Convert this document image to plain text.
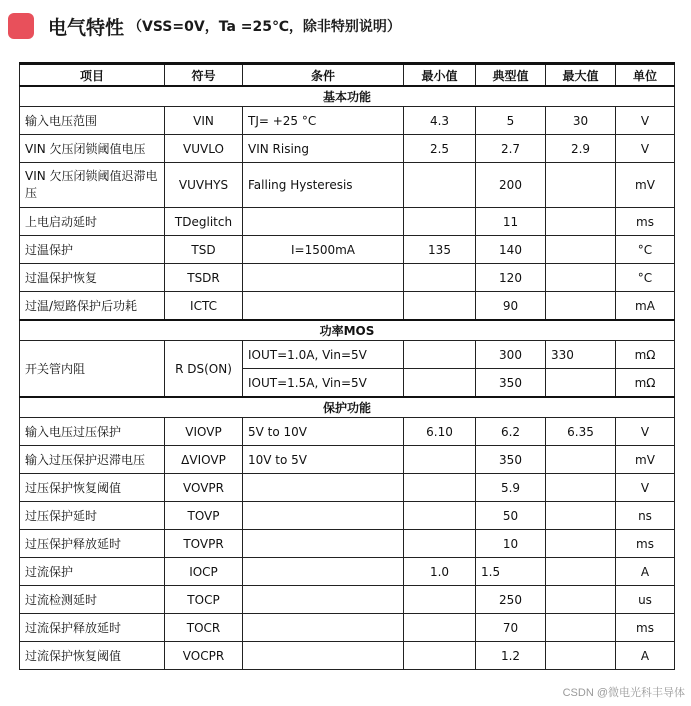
电气特性 （VSS=0V，Ta =25℃，除非特别说明）
项目	符号	条件	最小值	典型值	最大值	单位
基本功能						
输入电压范围	VIN	TJ= +25 °C	4.3	5	30	V
VIN 欠压闭锁阈值电压	VUVLO	VIN Rising	2.5	2.7	2.9	V
VIN 欠压闭锁阈值迟滞电压	VUVHYS	Falling Hysteresis		200		mV
上电启动延时	TDeglitch			11		ms
过温保护	TSD	I=1500mA	135	140		°C
过温保护恢复	TSDR			120		°C
过温/短路保护后功耗	ICTC			90		mA
功率MOS						
开关管内阻	R DS(ON)	IOUT=1.0A, Vin=5V		300	330	mΩ
		IOUT=1.5A, Vin=5V		350		mΩ
保护功能						
输入电压过压保护	VIOVP	5V to 10V	6.10	6.2	6.35	V
输入过压保护迟滞电压	ΔVIOVP	10V to 5V		350		mV
过压保护恢复阈值	VOVPR			5.9		V
过压保护延时	TOVP			50		ns
过压保护释放延时	TOVPR			10		ms
过流保护	IOCP		1.0	1.5		A
过流检测延时	TOCP			250		us
过流保护释放延时	TOCR			70		ms
过流保护恢复阈值	VOCPR			1.2		A
CSDN @微电光科丰导体
